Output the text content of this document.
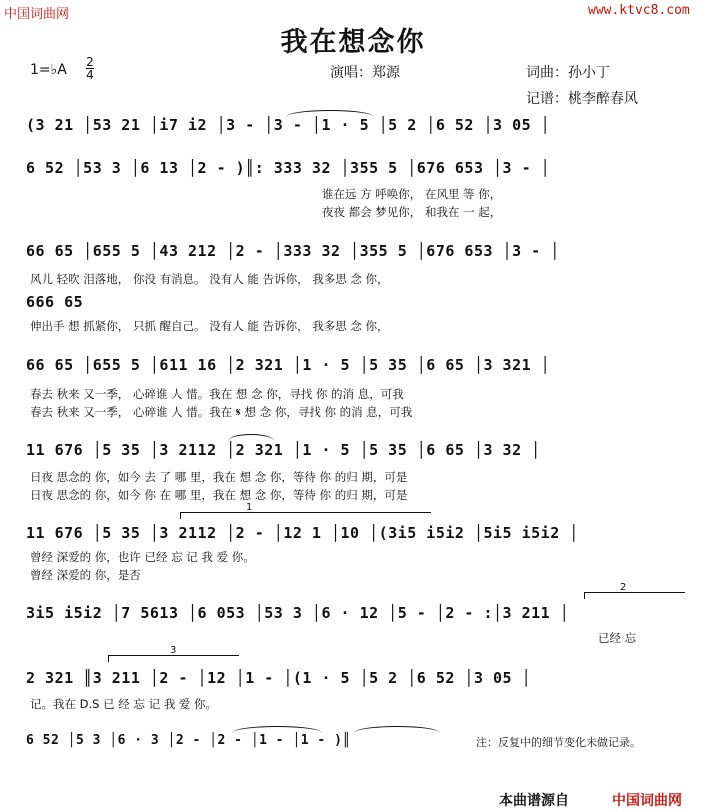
中国词曲网	www.ktvc8.com
我在想念你
1=♭A 2
4	演唱：郑源	词曲：孙小丁
记谱：桃李醉春风
(3 21 │53 21 │i7 i2 │3 - │3 - │1 · 5 │5 2 │6 52 │3 05 │
6 52 │53 3 │6 13 │2 - )║: 333 32 │355 5 │676 653 │3 - │
谁在远 方 呼唤你， 在风里 等 你，
夜夜 都会 梦见你， 和我在 一 起，
66 65 │655 5 │43 212 │2 - │333 32 │355 5 │676 653 │3 - │
风儿 轻吹 泪落地， 你没 有消息。 没有人 能 告诉你， 我多思 念 你，
666 65
伸出手 想 抓紧你， 只抓 醒自己。 没有人 能 告诉你， 我多思 念 你，
66 65 │655 5 │611 16 │2 321 │1 · 5 │5 35 │6 65 │3 321 │
春去 秋来 又一季， 心碎谁 人 惜。我在 想 念 你，寻找 你 的消 息，可我
春去 秋来 又一季， 心碎谁 人 惜。我在 𝄋 想 念 你，寻找 你 的消 息，可我
11 676 │5 35 │3 2112 │2 321 │1 · 5 │5 35 │6 65 │3 32 │
日夜 思念的 你，如今 去 了 哪 里，我在 想 念 你，等待 你 的归 期，可是
日夜 思念的 你，如今 你 在 哪 里，我在 想 念 你，等待 你 的归 期，可是
1
11 676 │5 35 │3 2112 │2 - │12 1 │10 │(3i5 i5i2 │5i5 i5i2 │
曾经 深爱的 你，也许 已经 忘 记 我 爱 你。
曾经 深爱的 你，是否
2
3i5 i5i2 │7 5613 │6 053 │53 3 │6 · 12 │5 - │2 - :│3 211 │
已经 忘
3
2 321 ║3 211 │2 - │12 │1 - │(1 · 5 │5 2 │6 52 │3 05 │
记。我在 D.S 已 经 忘 记 我 爱 你。
6 52 │5 3 │6 · 3 │2 - │2 - │1 - │1 - )║	注：反复中的细节变化未做记录。
本曲谱源自	中国词曲网
